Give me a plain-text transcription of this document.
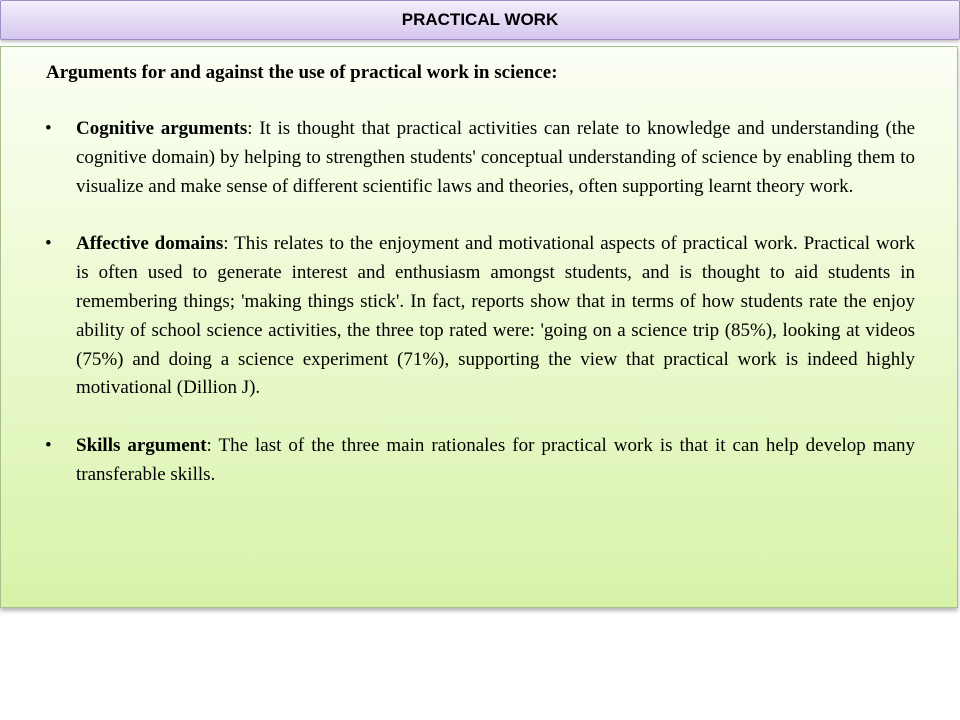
PRACTICAL WORK
Arguments for and against the use of practical work in science:
• Cognitive arguments: It is thought that practical activities can relate to knowledge and understanding (the cognitive domain) by helping to strengthen students' conceptual understanding of science by enabling them to visualize and make sense of different scientific laws and theories, often supporting learnt theory work.
• Affective domains: This relates to the enjoyment and motivational aspects of practical work. Practical work is often used to generate interest and enthusiasm amongst students, and is thought to aid students in remembering things; 'making things stick'. In fact, reports show that in terms of how students rate the enjoy ability of school science activities, the three top rated were: 'going on a science trip (85%), looking at videos (75%) and doing a science experiment (71%), supporting the view that practical work is indeed highly motivational (Dillion J).
• Skills argument: The last of the three main rationales for practical work is that it can help develop many transferable skills.
